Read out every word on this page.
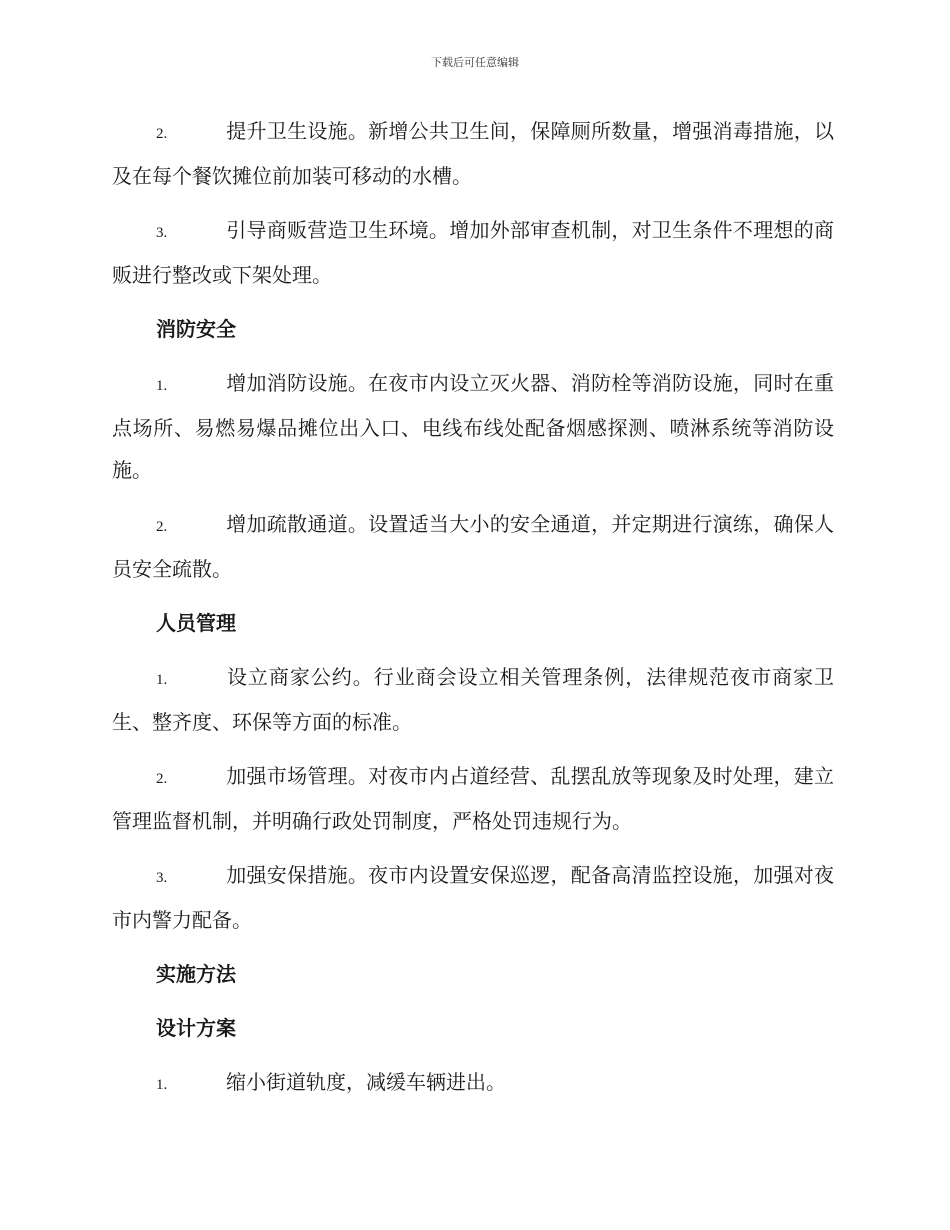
下载后可任意编辑

2.	提升卫生设施。新增公共卫生间，保障厕所数量，增强消毒措施，以及在每个餐饮摊位前加装可移动的水槽。

3.	引导商贩营造卫生环境。增加外部审查机制，对卫生条件不理想的商贩进行整改或下架处理。

消防安全

1.	增加消防设施。在夜市内设立灭火器、消防栓等消防设施，同时在重点场所、易燃易爆品摊位出入口、电线布线处配备烟感探测、喷淋系统等消防设施。

2.	增加疏散通道。设置适当大小的安全通道，并定期进行演练，确保人员安全疏散。

人员管理

1.	设立商家公约。行业商会设立相关管理条例，法律规范夜市商家卫生、整齐度、环保等方面的标准。

2.	加强市场管理。对夜市内占道经营、乱摆乱放等现象及时处理，建立管理监督机制，并明确行政处罚制度，严格处罚违规行为。

3.	加强安保措施。夜市内设置安保巡逻，配备高清监控设施，加强对夜市内警力配备。

实施方法
设计方案

1.	缩小街道轨度，减缓车辆进出。
